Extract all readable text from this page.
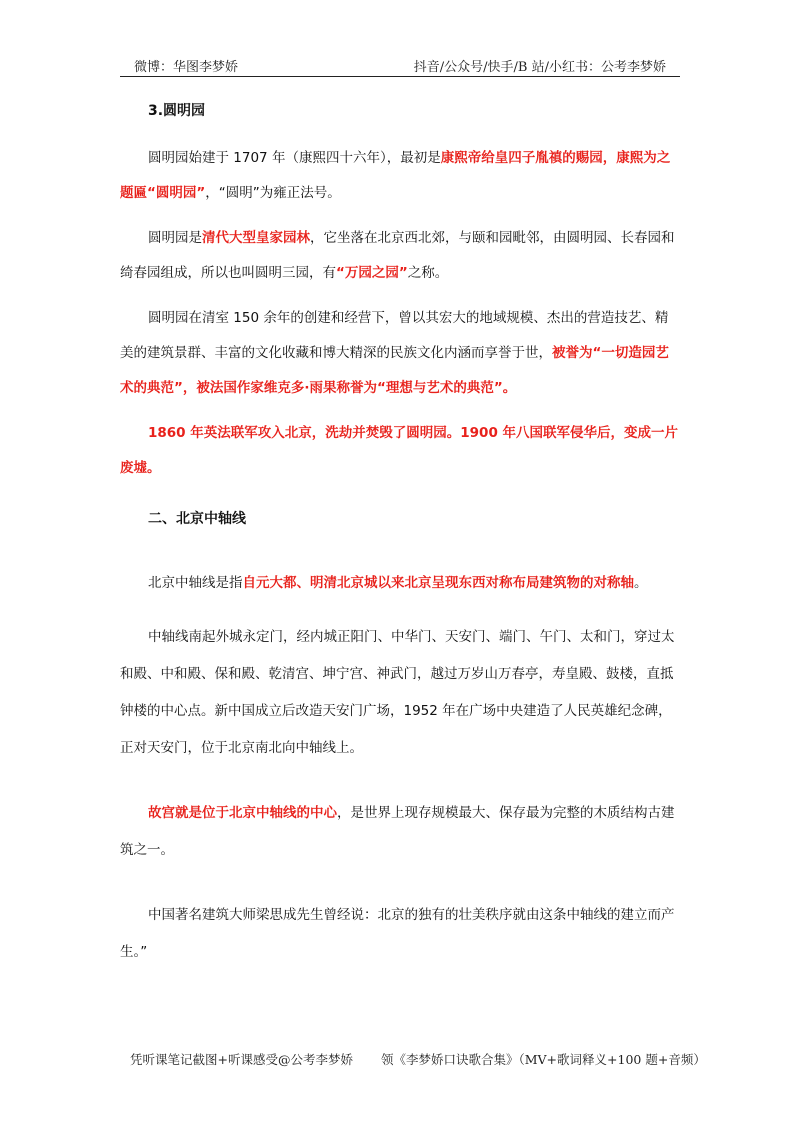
微博：华图李梦娇	抖音/公众号/快手/B 站/小红书：公考李梦娇

3.圆明园

圆明园始建于 1707 年（康熙四十六年），最初是康熙帝给皇四子胤禛的赐园，康熙为之题匾“圆明园”，“圆明”为雍正法号。

圆明园是清代大型皇家园林，它坐落在北京西北郊，与颐和园毗邻，由圆明园、长春园和绮春园组成，所以也叫圆明三园，有“万园之园”之称。

圆明园在清室 150 余年的创建和经营下，曾以其宏大的地域规模、杰出的营造技艺、精美的建筑景群、丰富的文化收藏和博大精深的民族文化内涵而享誉于世，被誉为“一切造园艺术的典范”，被法国作家维克多·雨果称誉为“理想与艺术的典范”。

1860 年英法联军攻入北京，洗劫并焚毁了圆明园。1900 年八国联军侵华后，变成一片废墟。

二、北京中轴线

北京中轴线是指自元大都、明清北京城以来北京呈现东西对称布局建筑物的对称轴。

中轴线南起外城永定门，经内城正阳门、中华门、天安门、端门、午门、太和门，穿过太和殿、中和殿、保和殿、乾清宫、坤宁宫、神武门，越过万岁山万春亭，寿皇殿、鼓楼，直抵钟楼的中心点。新中国成立后改造天安门广场，1952 年在广场中央建造了人民英雄纪念碑，正对天安门，位于北京南北向中轴线上。

故宫就是位于北京中轴线的中心，是世界上现存规模最大、保存最为完整的木质结构古建筑之一。

中国著名建筑大师梁思成先生曾经说：北京的独有的壮美秩序就由这条中轴线的建立而产生。”

凭听课笔记截图+听课感受@公考李梦娇 领《李梦娇口诀歌合集》（MV+歌词释义+100 题+音频）
